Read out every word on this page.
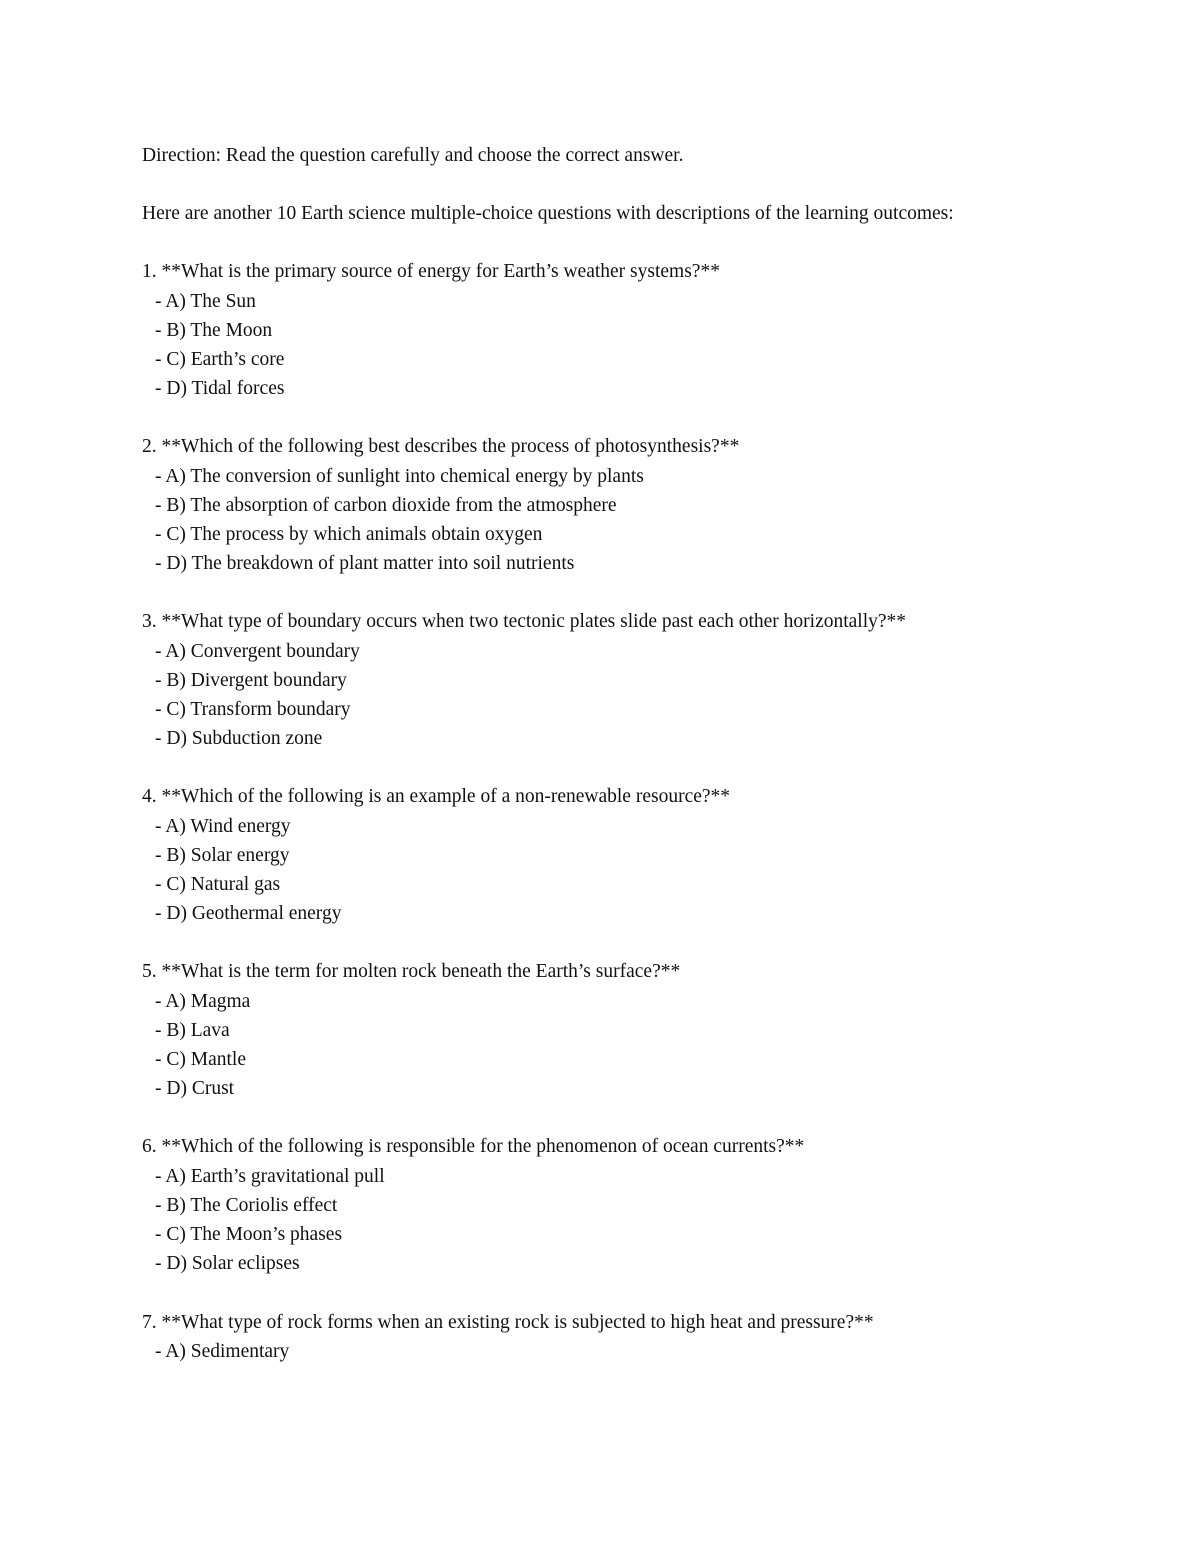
Direction: Read the question carefully and choose the correct answer.

Here are another 10 Earth science multiple-choice questions with descriptions of the learning outcomes:

1. **What is the primary source of energy for Earth’s weather systems?**

- A) The Sun

- B) The Moon

- C) Earth’s core

- D) Tidal forces

2. **Which of the following best describes the process of photosynthesis?**

- A) The conversion of sunlight into chemical energy by plants

- B) The absorption of carbon dioxide from the atmosphere

- C) The process by which animals obtain oxygen

- D) The breakdown of plant matter into soil nutrients

3. **What type of boundary occurs when two tectonic plates slide past each other horizontally?**

- A) Convergent boundary

- B) Divergent boundary

- C) Transform boundary

- D) Subduction zone

4. **Which of the following is an example of a non-renewable resource?**

- A) Wind energy

- B) Solar energy

- C) Natural gas

- D) Geothermal energy

5. **What is the term for molten rock beneath the Earth’s surface?**

- A) Magma

- B) Lava

- C) Mantle

- D) Crust

6. **Which of the following is responsible for the phenomenon of ocean currents?**

- A) Earth’s gravitational pull

- B) The Coriolis effect

- C) The Moon’s phases

- D) Solar eclipses

7. **What type of rock forms when an existing rock is subjected to high heat and pressure?**

- A) Sedimentary
